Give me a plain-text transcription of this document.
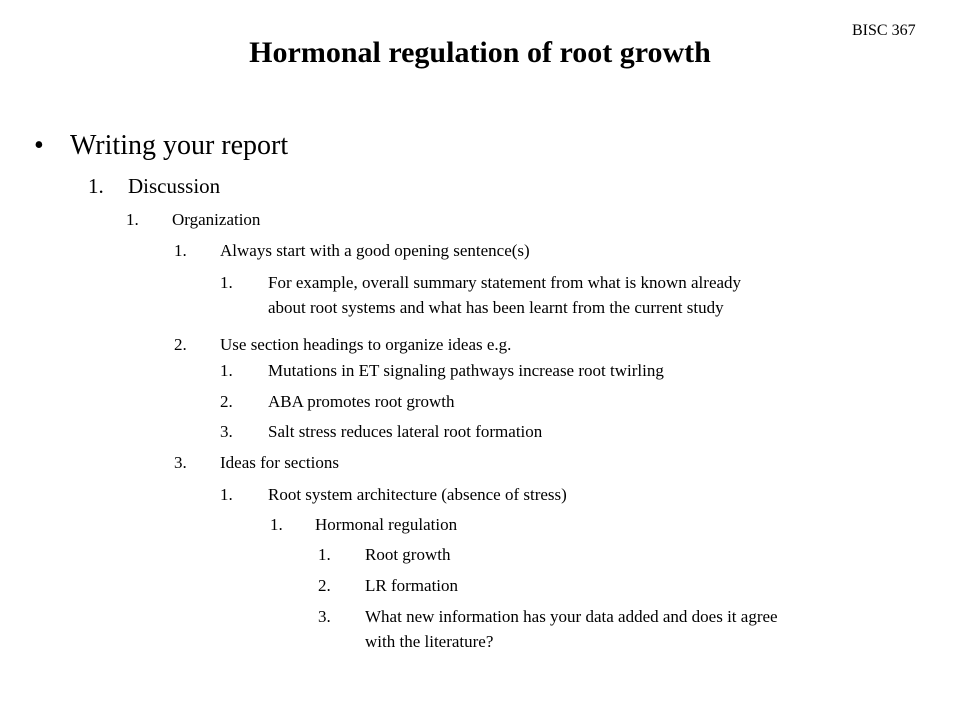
BISC 367
Hormonal regulation of root growth
• Writing your report
1. Discussion
1. Organization
1. Always start with a good opening sentence(s)
1. For example, overall summary statement from what is known already
about root systems and what has been learnt from the current study
2. Use section headings to organize ideas e.g.
1. Mutations in ET signaling pathways increase root twirling
2. ABA promotes root growth
3. Salt stress reduces lateral root formation
3. Ideas for sections
1. Root system architecture (absence of stress)
1. Hormonal regulation
1. Root growth
2. LR formation
3. What new information has your data added and does it agree
with the literature?
